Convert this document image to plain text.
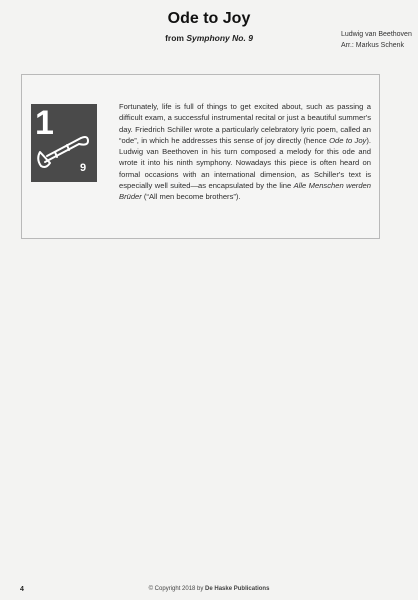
Ode to Joy
from Symphony No. 9	Ludwig van Beethoven
Arr.: Markus Schenk
1
9

Fortunately, life is full of things to get excited about, such as passing a difficult exam, a successful instrumental recital or just a beautiful summer's day. Friedrich Schiller wrote a particularly celebratory lyric poem, called an “ode”, in which he addresses this sense of joy directly (hence Ode to Joy). Ludwig van Beethoven in his turn composed a melody for this ode and wrote it into his ninth symphony. Nowadays this piece is often heard on formal occasions with an international dimension, as Schiller's text is especially well suited—as encapsulated by the line Alle Menschen werden Brüder (“All men become brothers”).

4	© Copyright 2018 by De Haske Publications
